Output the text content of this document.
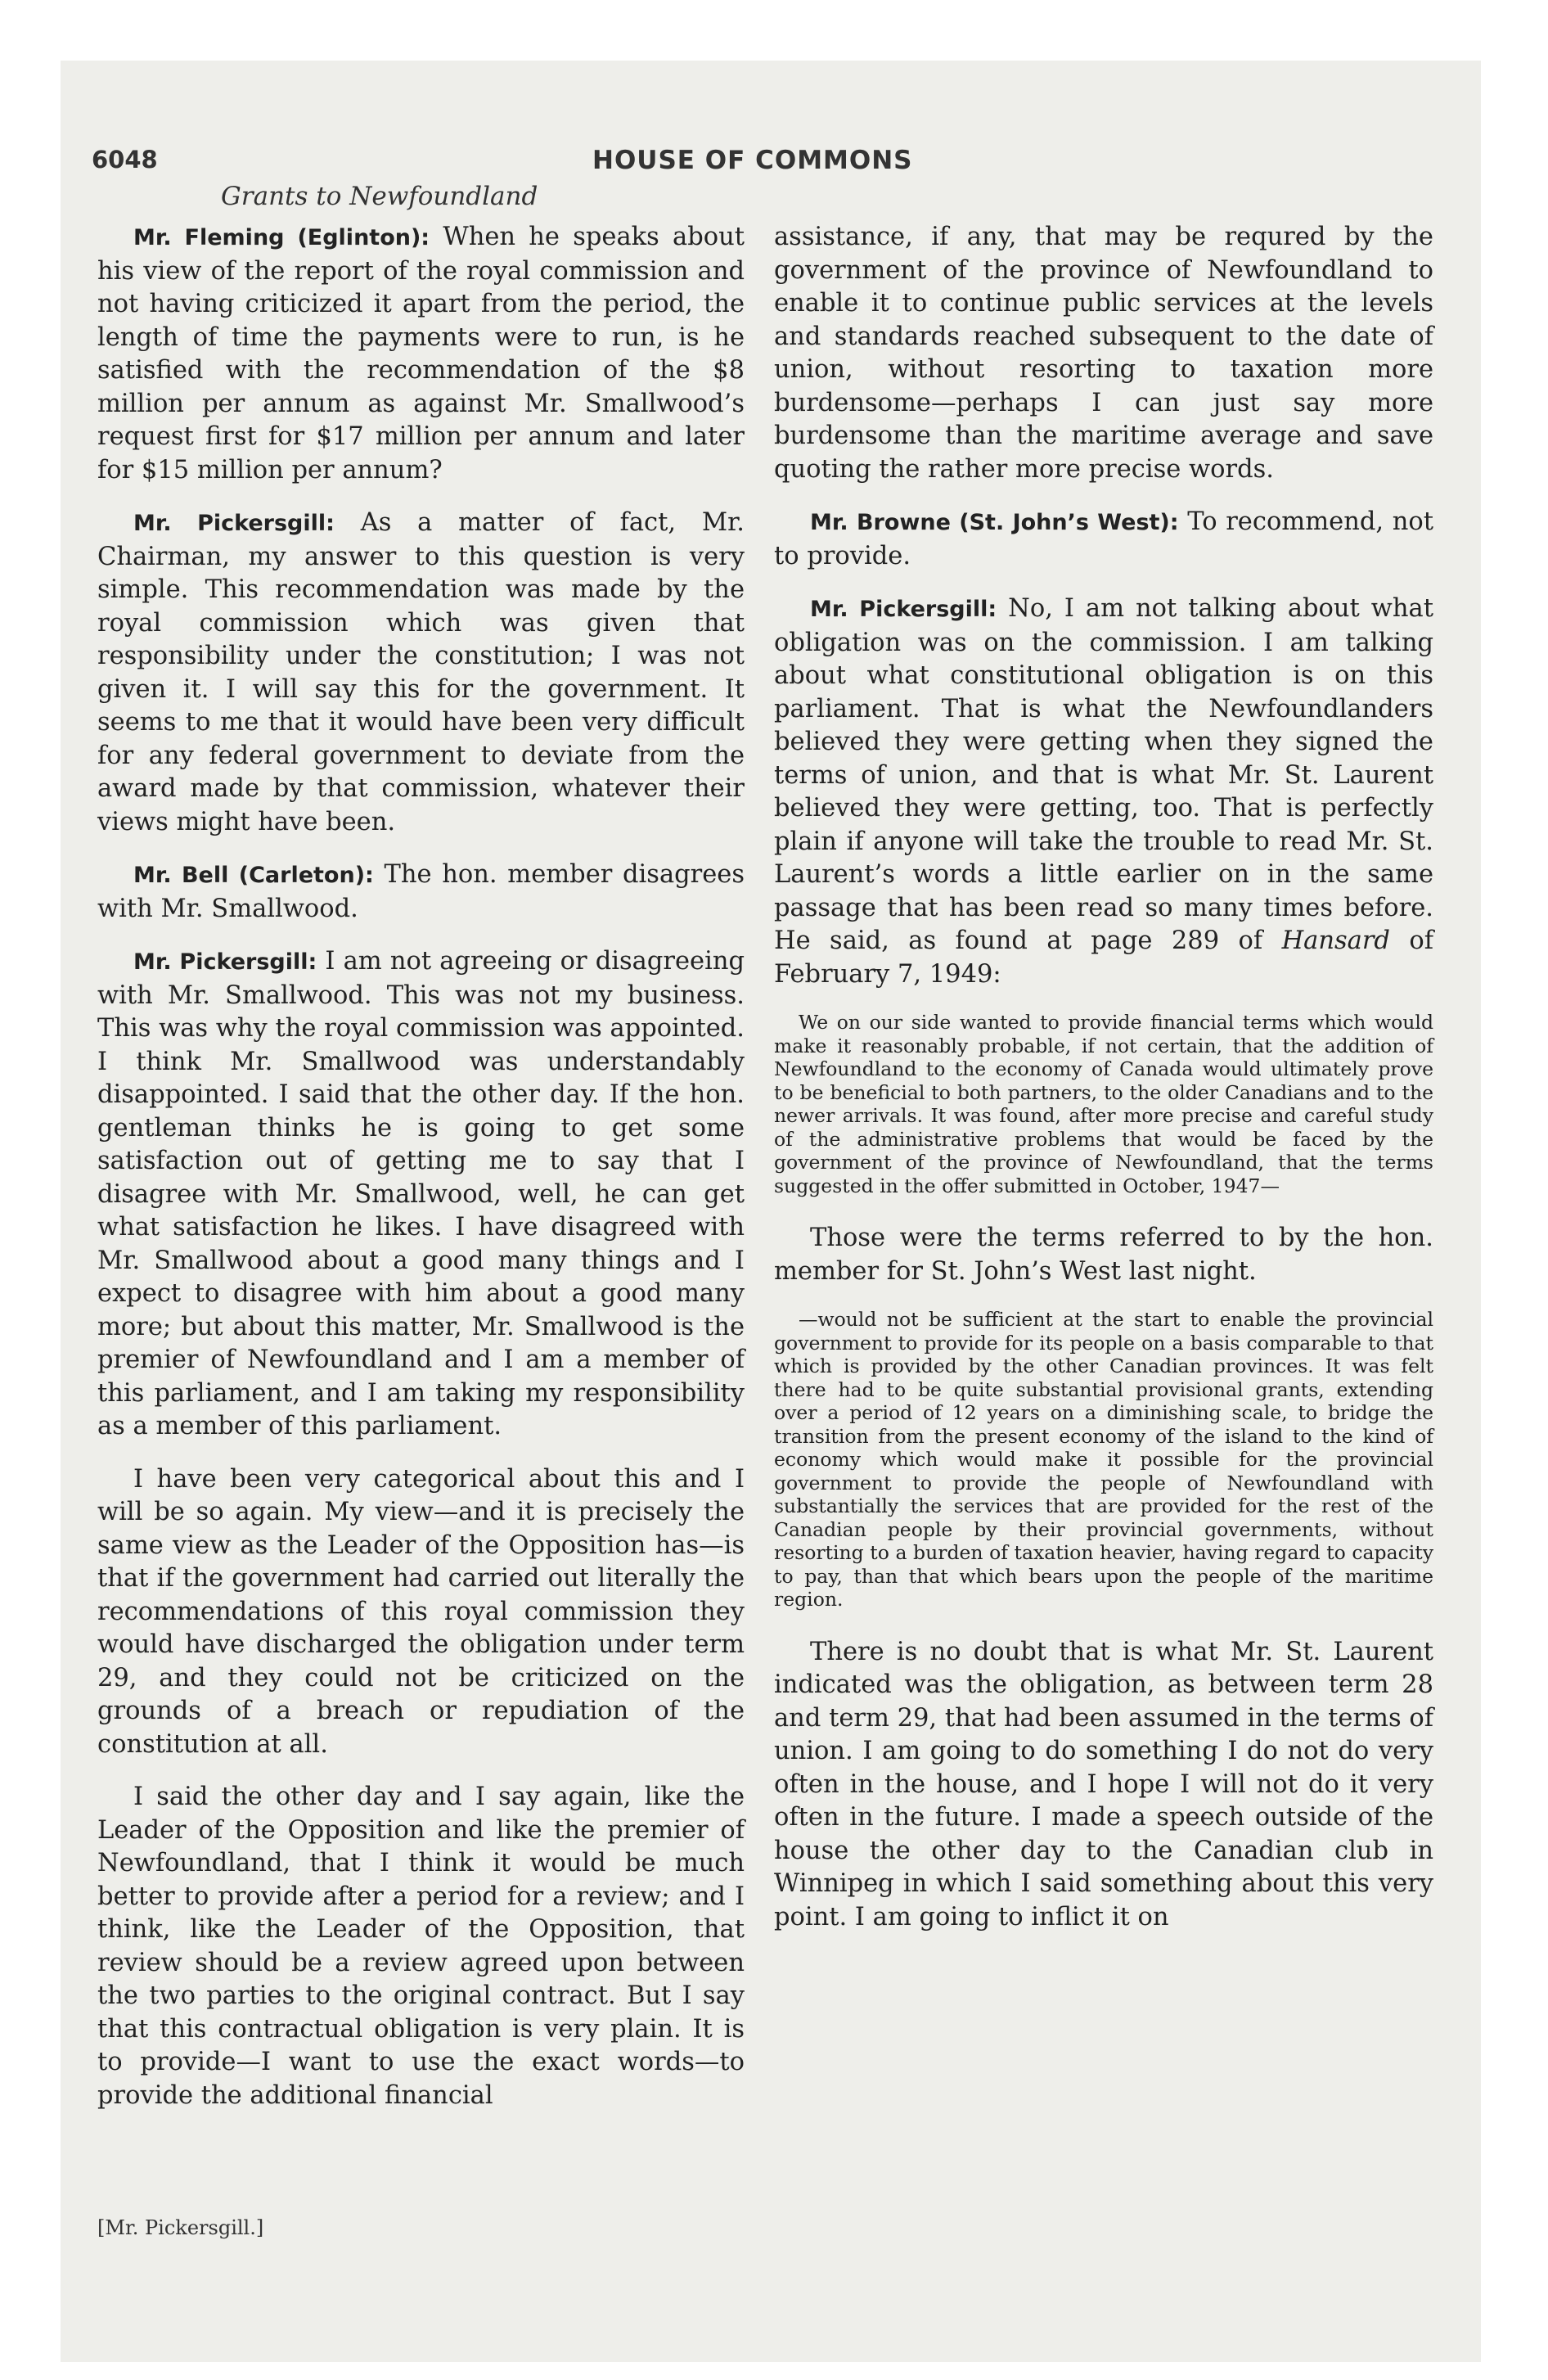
6048	HOUSE OF COMMONS
Grants to Newfoundland

Mr. Fleming (Eglinton): When he speaks about his view of the report of the royal commission and not having criticized it apart from the period, the length of time the payments were to run, is he satisfied with the recommendation of the $8 million per annum as against Mr. Smallwood’s request first for $17 million per annum and later for $15 million per annum?

Mr. Pickersgill: As a matter of fact, Mr. Chairman, my answer to this question is very simple. This recommendation was made by the royal commission which was given that responsibility under the constitution; I was not given it. I will say this for the government. It seems to me that it would have been very difficult for any federal government to deviate from the award made by that commission, whatever their views might have been.

Mr. Bell (Carleton): The hon. member disagrees with Mr. Smallwood.

Mr. Pickersgill: I am not agreeing or disagreeing with Mr. Smallwood. This was not my business. This was why the royal commission was appointed. I think Mr. Smallwood was understandably disappointed. I said that the other day. If the hon. gentleman thinks he is going to get some satisfaction out of getting me to say that I disagree with Mr. Smallwood, well, he can get what satisfaction he likes. I have disagreed with Mr. Smallwood about a good many things and I expect to disagree with him about a good many more; but about this matter, Mr. Smallwood is the premier of Newfoundland and I am a member of this parliament, and I am taking my responsibility as a member of this parliament.

I have been very categorical about this and I will be so again. My view—and it is precisely the same view as the Leader of the Opposition has—is that if the government had carried out literally the recommendations of this royal commission they would have discharged the obligation under term 29, and they could not be criticized on the grounds of a breach or repudiation of the constitution at all.

I said the other day and I say again, like the Leader of the Opposition and like the premier of Newfoundland, that I think it would be much better to provide after a period for a review; and I think, like the Leader of the Opposition, that review should be a review agreed upon between the two parties to the original contract. But I say that this contractual obligation is very plain. It is to provide—I want to use the exact words—to provide the additional financial

assistance, if any, that may be requred by the government of the province of Newfoundland to enable it to continue public services at the levels and standards reached subsequent to the date of union, without resorting to taxation more burdensome—perhaps I can just say more burdensome than the maritime average and save quoting the rather more precise words.

Mr. Browne (St. John’s West): To recommend, not to provide.

Mr. Pickersgill: No, I am not talking about what obligation was on the commission. I am talking about what constitutional obligation is on this parliament. That is what the Newfoundlanders believed they were getting when they signed the terms of union, and that is what Mr. St. Laurent believed they were getting, too. That is perfectly plain if anyone will take the trouble to read Mr. St. Laurent’s words a little earlier on in the same passage that has been read so many times before. He said, as found at page 289 of Hansard of February 7, 1949:

We on our side wanted to provide financial terms which would make it reasonably probable, if not certain, that the addition of Newfoundland to the economy of Canada would ultimately prove to be beneficial to both partners, to the older Canadians and to the newer arrivals. It was found, after more precise and careful study of the administrative problems that would be faced by the government of the province of Newfoundland, that the terms suggested in the offer submitted in October, 1947—

Those were the terms referred to by the hon. member for St. John’s West last night.

—would not be sufficient at the start to enable the provincial government to provide for its people on a basis comparable to that which is provided by the other Canadian provinces. It was felt there had to be quite substantial provisional grants, extending over a period of 12 years on a diminishing scale, to bridge the transition from the present economy of the island to the kind of economy which would make it possible for the provincial government to provide the people of Newfoundland with substantially the services that are provided for the rest of the Canadian people by their provincial governments, without resorting to a burden of taxation heavier, having regard to capacity to pay, than that which bears upon the people of the maritime region.

There is no doubt that is what Mr. St. Laurent indicated was the obligation, as between term 28 and term 29, that had been assumed in the terms of union. I am going to do something I do not do very often in the house, and I hope I will not do it very often in the future. I made a speech outside of the house the other day to the Canadian club in Winnipeg in which I said something about this very point. I am going to inflict it on

[Mr. Pickersgill.]
